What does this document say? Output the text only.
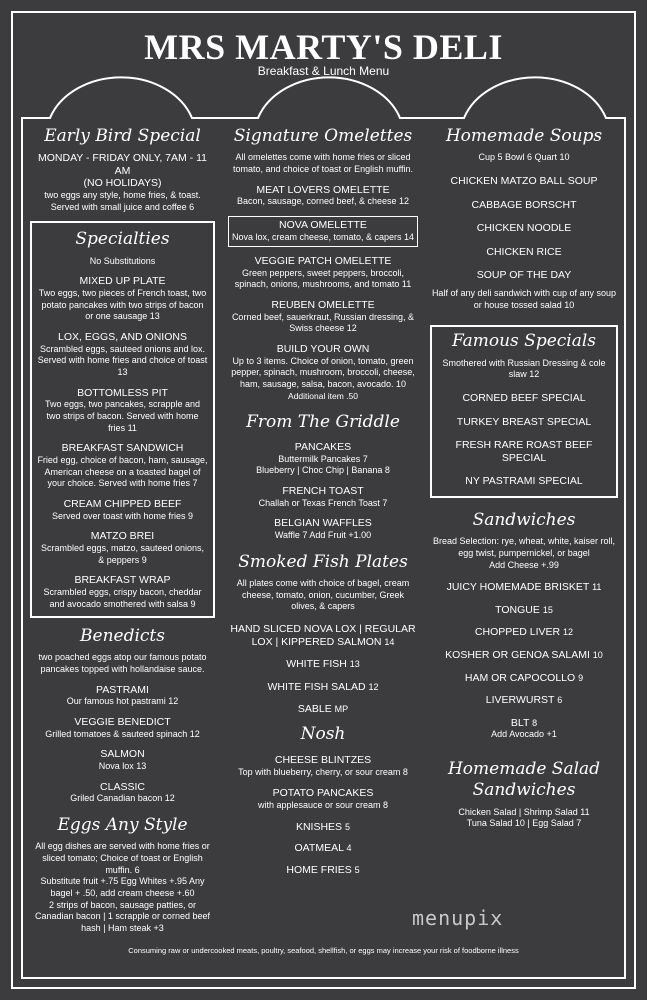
MRS MARTY'S DELI
Breakfast & Lunch Menu
Early Bird Special
MONDAY - FRIDAY ONLY, 7AM - 11 AM
(NO HOLIDAYS)
two eggs any style, home fries, & toast. Served with small juice and coffee 6
Specialties
No Substitutions
MIXED UP PLATE
Two eggs, two pieces of French toast, two potato pancakes with two strips of bacon or one sausage 13
LOX, EGGS, AND ONIONS
Scrambled eggs, sauteed onions and lox. Served with home fries and choice of toast 13
BOTTOMLESS PIT
Two eggs, two pancakes, scrapple and two strips of bacon. Served with home fries 11
BREAKFAST SANDWICH
Fried egg, choice of bacon, ham, sausage, American cheese on a toasted bagel of your choice. Served with home fries 7
CREAM CHIPPED BEEF
Served over toast with home fries 9
MATZO BREI
Scrambled eggs, matzo, sauteed onions, & peppers 9
BREAKFAST WRAP
Scrambled eggs, crispy bacon, cheddar and avocado smothered with salsa 9
Benedicts
two poached eggs atop our famous potato pancakes topped with hollandaise sauce.
PASTRAMI
Our famous hot pastrami 12
VEGGIE BENEDICT
Grilled tomatoes & sauteed spinach 12
SALMON
Nova lox 13
CLASSIC
Griled Canadian bacon 12
Eggs Any Style
All egg dishes are served with home fries or sliced tomato; Choice of toast or English muffin. 6
Substitute fruit +.75 Egg Whites +.95 Any bagel + .50, add cream cheese +.60
2 strips of bacon, sausage patties, or Canadian bacon | 1 scrapple or corned beef hash | Ham steak +3
Signature Omelettes
All omelettes come with home fries or sliced tomato, and choice of toast or English muffin.
MEAT LOVERS OMELETTE
Bacon, sausage, corned beef, & cheese 12
NOVA OMELETTE
Nova lox, cream cheese, tomato, & capers 14
VEGGIE PATCH OMELETTE
Green peppers, sweet peppers, broccoli, spinach, onions, mushrooms, and tomato 11
REUBEN OMELETTE
Corned beef, sauerkraut, Russian dressing, & Swiss cheese 12
BUILD YOUR OWN
Up to 3 items. Choice of onion, tomato, green pepper, spinach, mushroom, broccoli, cheese, ham, sausage, salsa, bacon, avocado. 10
Additional item .50
From The Griddle
PANCAKES
Buttermilk Pancakes 7
Blueberry | Choc Chip | Banana 8
FRENCH TOAST
Challah or Texas French Toast 7
BELGIAN WAFFLES
Waffle 7 Add Fruit +1.00
Smoked Fish Plates
All plates come with choice of bagel, cream cheese, tomato, onion, cucumber, Greek olives, & capers
HAND SLICED NOVA LOX | REGULAR LOX | KIPPERED SALMON 14
WHITE FISH 13
WHITE FISH SALAD 12
SABLE MP
Nosh
CHEESE BLINTZES
Top with blueberry, cherry, or sour cream 8
POTATO PANCAKES
with applesauce or sour cream 8
KNISHES 5
OATMEAL 4
HOME FRIES 5
Homemade Soups
Cup 5 Bowl 6 Quart 10
CHICKEN MATZO BALL SOUP
CABBAGE BORSCHT
CHICKEN NOODLE
CHICKEN RICE
SOUP OF THE DAY
Half of any deli sandwich with cup of any soup or house tossed salad 10
Famous Specials
Smothered with Russian Dressing & cole slaw 12
CORNED BEEF SPECIAL
TURKEY BREAST SPECIAL
FRESH RARE ROAST BEEF SPECIAL
NY PASTRAMI SPECIAL
Sandwiches
Bread Selection: rye, wheat, white, kaiser roll, egg twist, pumpernickel, or bagel
Add Cheese +.99
JUICY HOMEMADE BRISKET 11
TONGUE 15
CHOPPED LIVER 12
KOSHER OR GENOA SALAMI 10
HAM OR CAPOCOLLO 9
LIVERWURST 6
BLT 8
Add Avocado +1
Homemade Salad
Sandwiches
Chicken Salad | Shrimp Salad 11
Tuna Salad 10 | Egg Salad 7
menupix
Consuming raw or undercooked meats, poultry, seafood, shellfish, or eggs may increase your risk of foodborne illness
